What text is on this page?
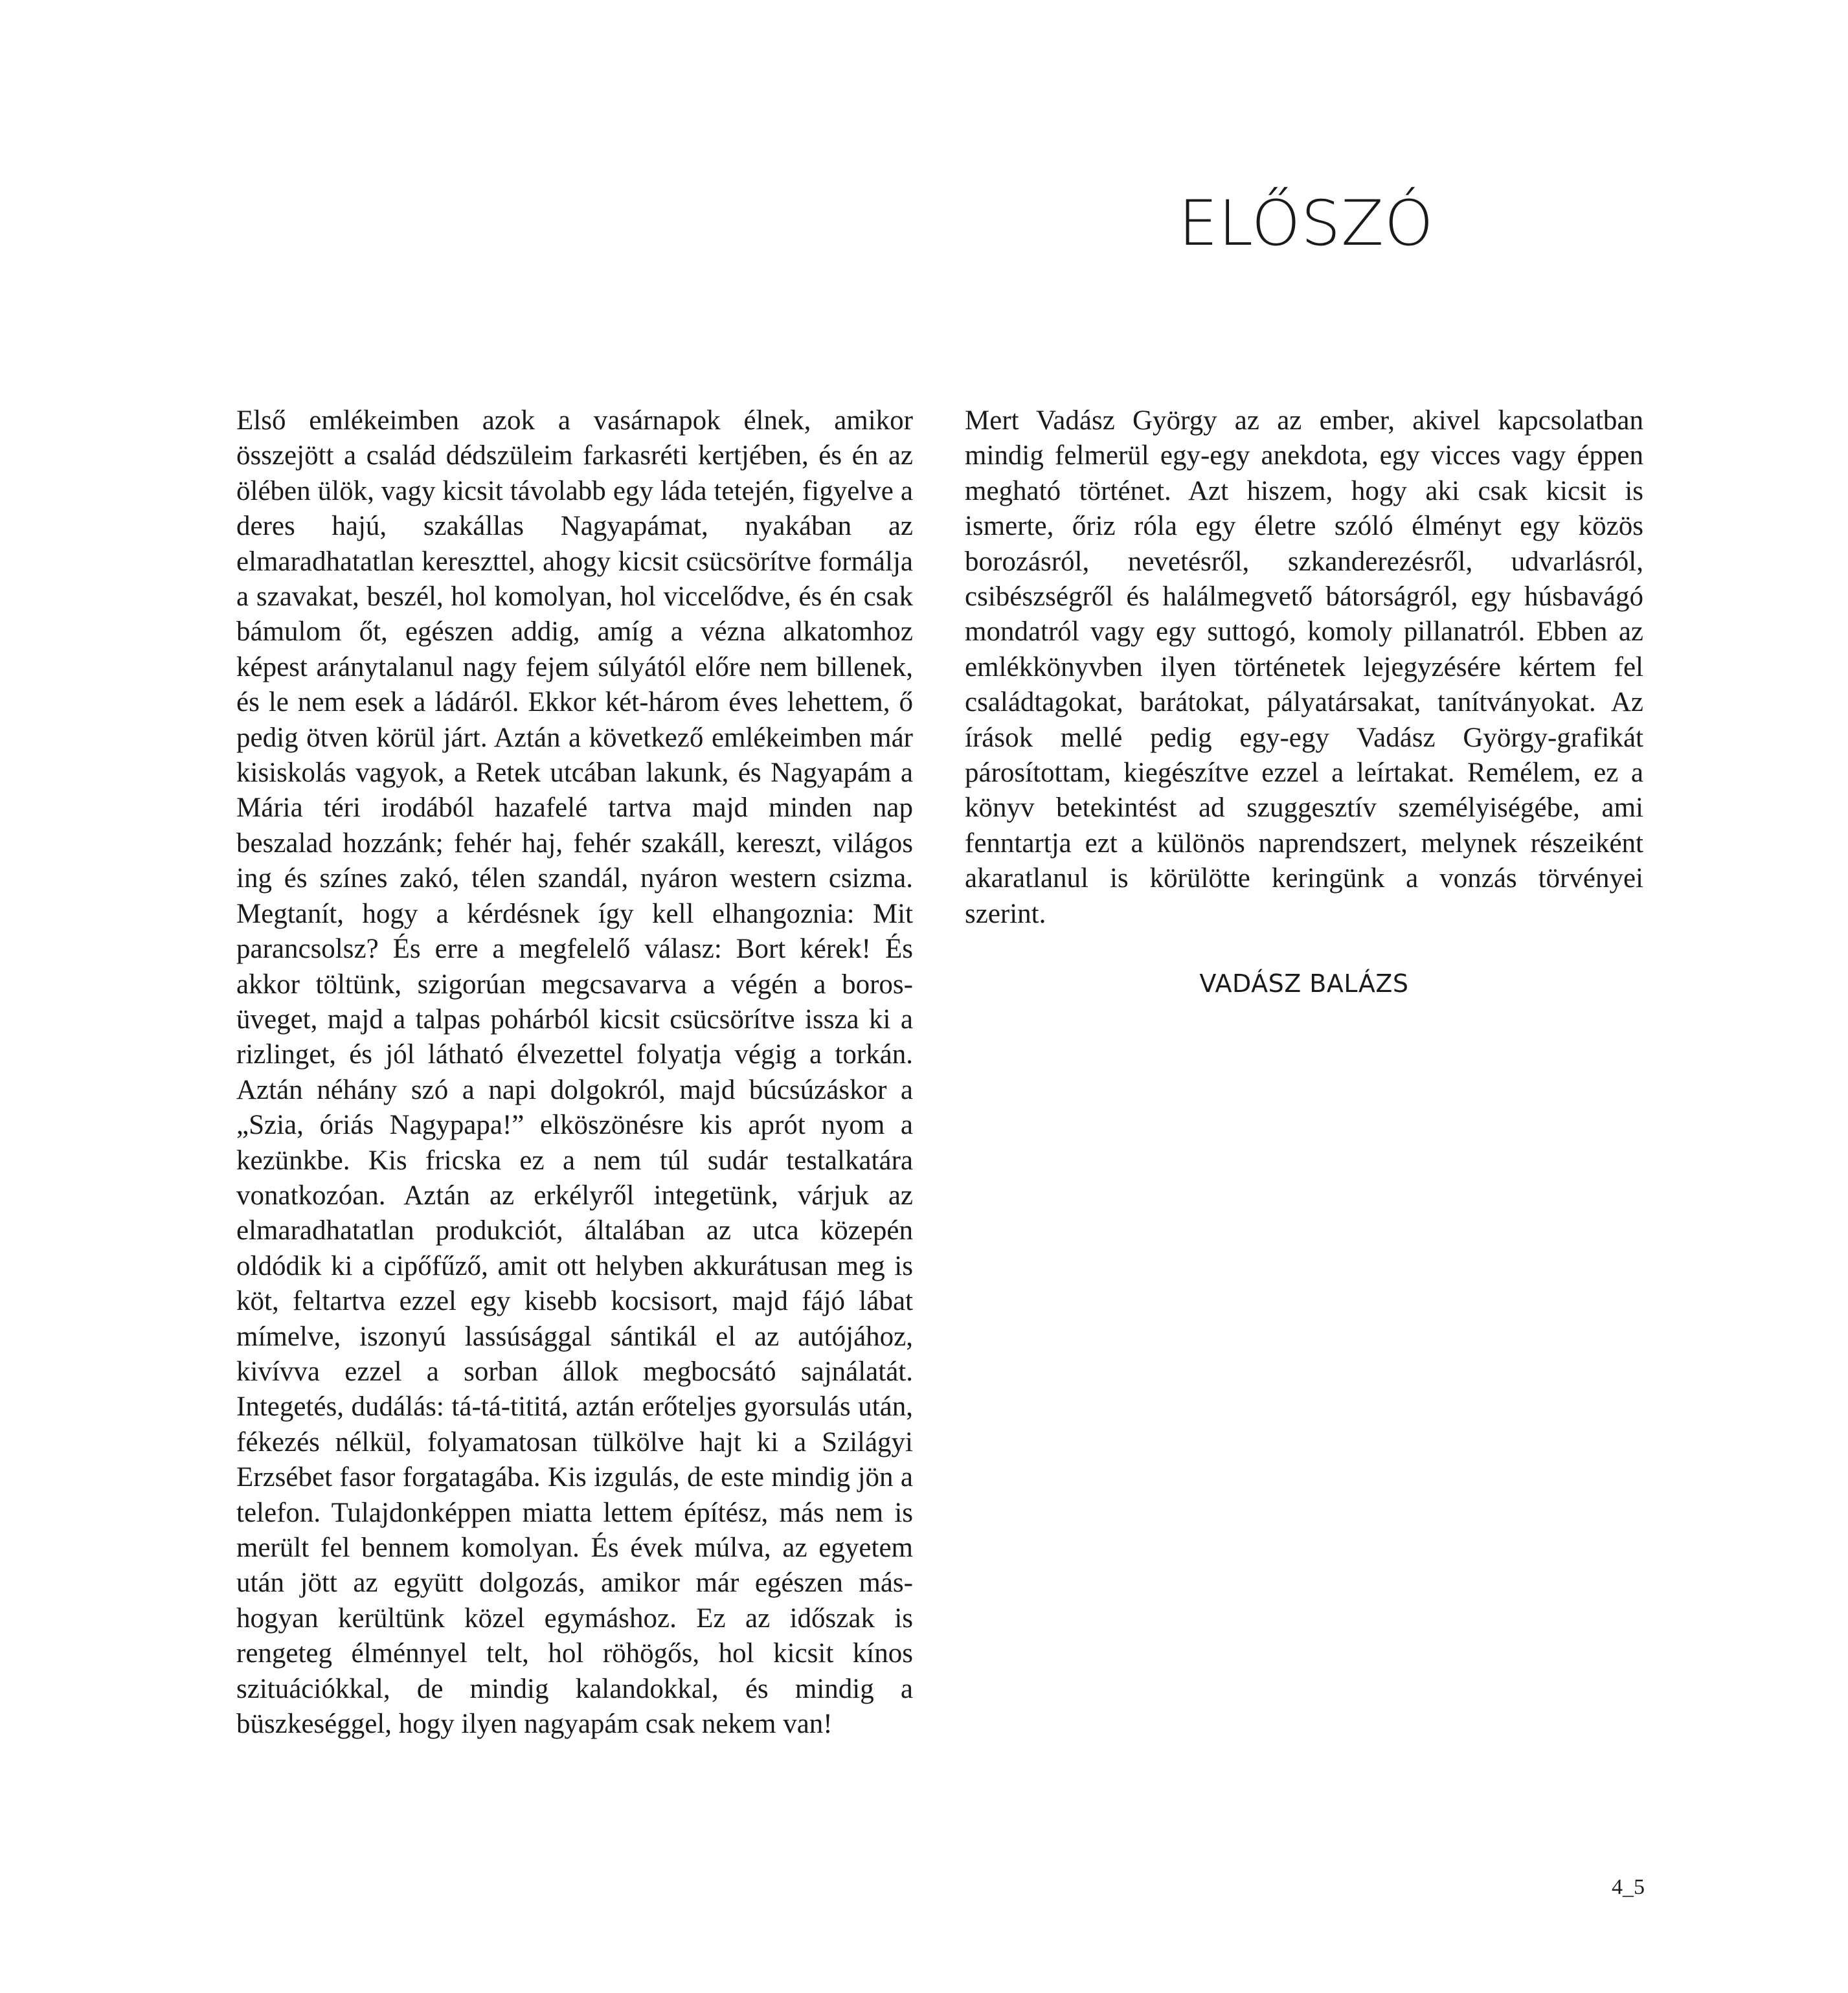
ELŐSZÓ

Első emlékeimben azok a vasárnapok élnek, amikor összejött a család dédszüleim farkasréti kertjében, és én az ölében ülök, vagy kicsit távolabb egy láda tetején, figyelve a deres hajú, szakállas Nagyapámat, nyakában az elmaradhatatlan kereszttel, ahogy kicsit csücsörítve formálja a szavakat, beszél, hol komolyan, hol viccelődve, és én csak bámulom őt, egészen addig, amíg a vézna alkatomhoz képest aránytalanul nagy fejem súlyától előre nem billenek, és le nem esek a ládáról. Ekkor két-három éves lehettem, ő pedig ötven körül járt. Aztán a következő emlékeimben már kisiskolás vagyok, a Retek utcában lakunk, és Nagyapám a Mária téri irodából hazafelé tartva majd minden nap beszalad hozzánk; fehér haj, fehér szakáll, kereszt, világos ing és színes zakó, télen szandál, nyáron western csizma. Megtanít, hogy a kérdésnek így kell elhangoznia: Mit parancsolsz? És erre a megfelelő válasz: Bort kérek! És akkor töltünk, szigorúan megcsavarva a végén a borosüveget, majd a talpas pohárból kicsit csücsörítve issza ki a rizlinget, és jól látható élvezettel folyatja végig a torkán. Aztán néhány szó a napi dolgokról, majd búcsúzáskor a „Szia, óriás Nagypapa!” elköszönésre kis aprót nyom a kezünkbe. Kis fricska ez a nem túl sudár testalkatára vonatkozóan. Aztán az erkélyről integetünk, várjuk az elmaradhatatlan produkciót, általában az utca közepén oldódik ki a cipőfűző, amit ott helyben akkurátusan meg is köt, feltartva ezzel egy kisebb kocsisort, majd fájó lábat mímelve, iszonyú lassúsággal sántikál el az autójához, kivívva ezzel a sorban állok megbocsátó sajnálatát. Integetés, dudálás: tá-tá-tititá, aztán erőteljes gyorsulás után, fékezés nélkül, folyamatosan tülkölve hajt ki a Szilágyi Erzsébet fasor forgatagába. Kis izgulás, de este mindig jön a telefon. Tulajdonképpen miatta lettem építész, más nem is merült fel bennem komolyan. És évek múlva, az egyetem után jött az együtt dolgozás, amikor már egészen máshogyan kerültünk közel egymáshoz. Ez az időszak is rengeteg élménnyel telt, hol röhögős, hol kicsit kínos szituációkkal, de mindig kalandokkal, és mindig a büszkeséggel, hogy ilyen nagyapám csak nekem van!

Mert Vadász György az az ember, akivel kapcsolatban mindig felmerül egy-egy anekdota, egy vicces vagy éppen megható történet. Azt hiszem, hogy aki csak kicsit is ismerte, őriz róla egy életre szóló élményt egy közös borozásról, nevetésről, szkanderezésről, udvarlásról, csibészségről és halálmegvető bátorságról, egy húsbavágó mondatról vagy egy suttogó, komoly pillanatról. Ebben az emlékkönyvben ilyen történetek lejegyzésére kértem fel családtagokat, barátokat, pályatársakat, tanítványokat. Az írások mellé pedig egy-egy Vadász György-grafikát párosítottam, kiegészítve ezzel a leírtakat. Remélem, ez a könyv betekintést ad szuggesztív személyiségébe, ami fenntartja ezt a különös naprendszert, melynek részeiként akaratlanul is körülötte keringünk a vonzás törvényei szerint.

VADÁSZ BALÁZS
4_5
